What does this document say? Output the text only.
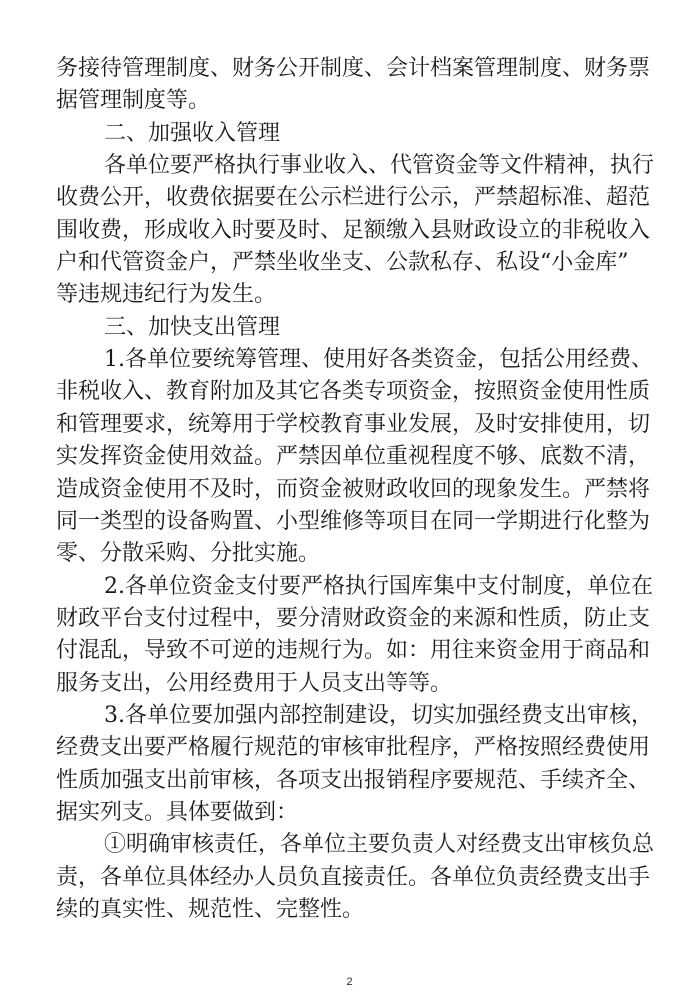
务接待管理制度、财务公开制度、会计档案管理制度、财务票
据管理制度等。
二、加强收入管理
各单位要严格执行事业收入、代管资金等文件精神，执行
收费公开，收费依据要在公示栏进行公示，严禁超标准、超范
围收费，形成收入时要及时、足额缴入县财政设立的非税收入
户和代管资金户，严禁坐收坐支、公款私存、私设“小金库”
等违规违纪行为发生。
三、加快支出管理
1.各单位要统筹管理、使用好各类资金，包括公用经费、
非税收入、教育附加及其它各类专项资金，按照资金使用性质
和管理要求，统筹用于学校教育事业发展，及时安排使用，切
实发挥资金使用效益。严禁因单位重视程度不够、底数不清，
造成资金使用不及时，而资金被财政收回的现象发生。严禁将
同一类型的设备购置、小型维修等项目在同一学期进行化整为
零、分散采购、分批实施。
2.各单位资金支付要严格执行国库集中支付制度，单位在
财政平台支付过程中，要分清财政资金的来源和性质，防止支
付混乱，导致不可逆的违规行为。如：用往来资金用于商品和
服务支出，公用经费用于人员支出等等。
3.各单位要加强内部控制建设，切实加强经费支出审核，
经费支出要严格履行规范的审核审批程序，严格按照经费使用
性质加强支出前审核，各项支出报销程序要规范、手续齐全、
据实列支。具体要做到：
①明确审核责任，各单位主要负责人对经费支出审核负总
责，各单位具体经办人员负直接责任。各单位负责经费支出手
续的真实性、规范性、完整性。
2
